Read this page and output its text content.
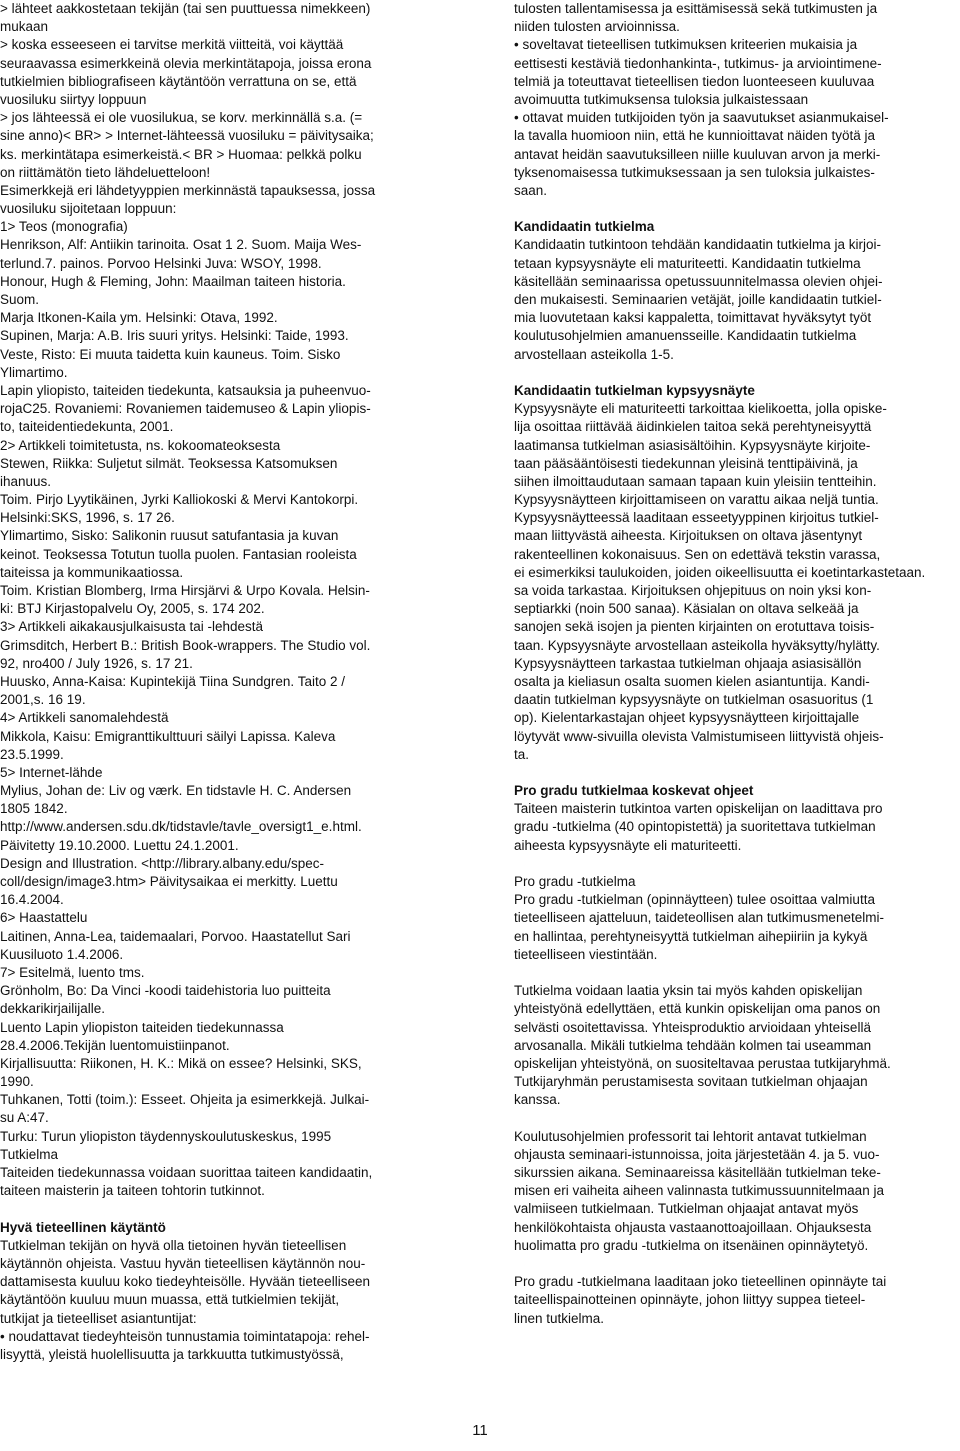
> lähteet aakkostetaan tekijän (tai sen puuttuessa nimekkeen)
mukaan
> koska esseeseen ei tarvitse merkitä viitteitä, voi käyttää
seuraavassa esimerkkeinä olevia merkintätapoja, joissa erona
tutkielmien bibliografiseen käytäntöön verrattuna on se, että
vuosiluku siirtyy loppuun
> jos lähteessä ei ole vuosilukua, se korv. merkinnällä s.a. (=
sine anno)< BR> > Internet-lähteessä vuosiluku = päivitysaika;
ks. merkintätapa esimerkeistä.< BR > Huomaa: pelkkä polku
on riittämätön tieto lähdeluetteloon!
Esimerkkejä eri lähdetyyppien merkinnästä tapauksessa, jossa
vuosiluku sijoitetaan loppuun:
1> Teos (monografia)
Henrikson, Alf: Antiikin tarinoita. Osat 1 2. Suom. Maija Wes-
terlund.7. painos. Porvoo Helsinki Juva: WSOY, 1998.
Honour, Hugh & Fleming, John: Maailman taiteen historia.
Suom.
Marja Itkonen-Kaila ym. Helsinki: Otava, 1992.
Supinen, Marja: A.B. Iris suuri yritys. Helsinki: Taide, 1993.
Veste, Risto: Ei muuta taidetta kuin kauneus. Toim. Sisko
Ylimartimo.
Lapin yliopisto, taiteiden tiedekunta, katsauksia ja puheenvuo-
rojaC25. Rovaniemi: Rovaniemen taidemuseo & Lapin yliopis-
to, taiteidentiedekunta, 2001.
2> Artikkeli toimitetusta, ns. kokoomateoksesta
Stewen, Riikka: Suljetut silmät. Teoksessa Katsomuksen
ihanuus.
Toim. Pirjo Lyytikäinen, Jyrki Kalliokoski & Mervi Kantokorpi.
Helsinki:SKS, 1996, s. 17 26.
Ylimartimo, Sisko: Salikonin ruusut satufantasia ja kuvan
keinot. Teoksessa Totutun tuolla puolen. Fantasian rooleista
taiteissa ja kommunikaatiossa.
Toim. Kristian Blomberg, Irma Hirsjärvi & Urpo Kovala. Helsin-
ki: BTJ Kirjastopalvelu Oy, 2005, s. 174 202.
3> Artikkeli aikakausjulkaisusta tai -lehdestä
Grimsditch, Herbert B.: British Book-wrappers. The Studio vol.
92, nro400 / July 1926, s. 17 21.
Huusko, Anna-Kaisa: Kupintekijä Tiina Sundgren. Taito 2 /
2001,s. 16 19.
4> Artikkeli sanomalehdestä
Mikkola, Kaisu: Emigranttikulttuuri säilyi Lapissa. Kaleva
23.5.1999.
5> Internet-lähde
Mylius, Johan de: Liv og værk. En tidstavle H. C. Andersen
1805 1842.
http://www.andersen.sdu.dk/tidstavle/tavle_oversigt1_e.html.
Päivitetty 19.10.2000. Luettu 24.1.2001.
Design and Illustration. <http://library.albany.edu/spec-
coll/design/image3.htm> Päivitysaikaa ei merkitty. Luettu
16.4.2004.
6> Haastattelu
Laitinen, Anna-Lea, taidemaalari, Porvoo. Haastatellut Sari
Kuusiluoto 1.4.2006.
7> Esitelmä, luento tms.
Grönholm, Bo: Da Vinci -koodi taidehistoria luo puitteita
dekkarikirjailijalle.
Luento Lapin yliopiston taiteiden tiedekunnassa
28.4.2006.Tekijän luentomuistiinpanot.
Kirjallisuutta: Riikonen, H. K.: Mikä on essee? Helsinki, SKS,
1990.
Tuhkanen, Totti (toim.): Esseet. Ohjeita ja esimerkkejä. Julkai-
su A:47.
Turku: Turun yliopiston täydennyskoulutuskeskus, 1995
Tutkielma
Taiteiden tiedekunnassa voidaan suorittaa taiteen kandidaatin,
taiteen maisterin ja taiteen tohtorin tutkinnot.
Hyvä tieteellinen käytäntö
Tutkielman tekijän on hyvä olla tietoinen hyvän tieteellisen
käytännön ohjeista. Vastuu hyvän tieteellisen käytännön nou-
dattamisesta kuuluu koko tiedeyhteisölle. Hyvään tieteelliseen
käytäntöön kuuluu muun muassa, että tutkielmien tekijät,
tutkijat ja tieteelliset asiantuntijat:
• noudattavat tiedeyhteisön tunnustamia toimintatapoja: rehel-
lisyyttä, yleistä huolellisuutta ja tarkkuutta tutkimustyössä,
tulosten tallentamisessa ja esittämisessä sekä tutkimusten ja
niiden tulosten arvioinnissa.
• soveltavat tieteellisen tutkimuksen kriteerien mukaisia ja
eettisesti kestäviä tiedonhankinta-, tutkimus- ja arviointimene-
telmiä ja toteuttavat tieteellisen tiedon luonteeseen kuuluvaa
avoimuutta tutkimuksensa tuloksia julkaistessaan
• ottavat muiden tutkijoiden työn ja saavutukset asianmukaisel-
la tavalla huomioon niin, että he kunnioittavat näiden työtä ja
antavat heidän saavutuksilleen niille kuuluvan arvon ja merki-
tyksenomaisessa tutkimuksessaan ja sen tuloksia julkaistes-
saan.
Kandidaatin tutkielma
Kandidaatin tutkintoon tehdään kandidaatin tutkielma ja kirjoi-
tetaan kypsyysnäyte eli maturiteetti. Kandidaatin tutkielma
käsitellään seminaarissa opetussuunnitelmassa olevien ohjei-
den mukaisesti. Seminaarien vetäjät, joille kandidaatin tutkiel-
mia luovutetaan kaksi kappaletta, toimittavat hyväksytyt työt
koulutusohjelmien amanuensseille. Kandidaatin tutkielma
arvostellaan asteikolla 1-5.
Kandidaatin tutkielman kypsyysnäyte
Kypsyysnäyte eli maturiteetti tarkoittaa kielikoetta, jolla opiske-
lija osoittaa riittävää äidinkielen taitoa sekä perehtyneisyyttä
laatimansa tutkielman asiasisältöihin. Kypsyysnäyte kirjoite-
taan pääsääntöisesti tiedekunnan yleisinä tenttipäivinä, ja
siihen ilmoittaudutaan samaan tapaan kuin yleisiin tentteihin.
Kypsyysnäytteen kirjoittamiseen on varattu aikaa neljä tuntia.
Kypsyysnäytteessä laaditaan esseetyyppinen kirjoitus tutkiel-
maan liittyvästä aiheesta. Kirjoituksen on oltava jäsentynyt
rakenteellinen kokonaisuus. Sen on edettävä tekstin varassa,
ei esimerkiksi taulukoiden, joiden oikeellisuutta ei koetintarkastetaan.
sa voida tarkastaa. Kirjoituksen ohjepituus on noin yksi kon-
septiarkki (noin 500 sanaa). Käsialan on oltava selkeää ja
sanojen sekä isojen ja pienten kirjainten on erotuttava toisis-
taan. Kypsyysnäyte arvostellaan asteikolla hyväksytty/hylätty.
Kypsyysnäytteen tarkastaa tutkielman ohjaaja asiasisällön
osalta ja kieliasun osalta suomen kielen asiantuntija. Kandi-
daatin tutkielman kypsyysnäyte on tutkielman osasuoritus (1
op). Kielentarkastajan ohjeet kypsyysnäytteen kirjoittajalle
löytyvät www-sivuilla olevista Valmistumiseen liittyvistä ohjeis-
ta.
Pro gradu tutkielmaa koskevat ohjeet
Taiteen maisterin tutkintoa varten opiskelijan on laadittava pro
gradu -tutkielma (40 opintopistettä) ja suoritettava tutkielman
aiheesta kypsyysnäyte eli maturiteetti.
Pro gradu -tutkielma
Pro gradu -tutkielman (opinnäytteen) tulee osoittaa valmiutta
tieteelliseen ajatteluun, taideteollisen alan tutkimusmenetelmi-
en hallintaa, perehtyneisyyttä tutkielman aihepiiriin ja kykyä
tieteelliseen viestintään.
Tutkielma voidaan laatia yksin tai myös kahden opiskelijan
yhteistyönä edellyttäen, että kunkin opiskelijan oma panos on
selvästi osoitettavissa. Yhteisproduktio arvioidaan yhteisellä
arvosanalla. Mikäli tutkielma tehdään kolmen tai useamman
opiskelijan yhteistyönä, on suositeltavaa perustaa tutkijaryhmä.
Tutkijaryhmän perustamisesta sovitaan tutkielman ohjaajan
kanssa.
Koulutusohjelmien professorit tai lehtorit antavat tutkielman
ohjausta seminaari-istunnoissa, joita järjestetään 4. ja 5. vuo-
sikurssien aikana. Seminaareissa käsitellään tutkielman teke-
misen eri vaiheita aiheen valinnasta tutkimussuunnitelmaan ja
valmiiseen tutkielmaan. Tutkielman ohjaajat antavat myös
henkilökohtaista ohjausta vastaanottoajoillaan. Ohjauksesta
huolimatta pro gradu -tutkielma on itsenäinen opinnäytetyö.
Pro gradu -tutkielmana laaditaan joko tieteellinen opinnäyte tai
taiteellispainotteinen opinnäyte, johon liittyy suppea tieteel-
linen tutkielma.
11
